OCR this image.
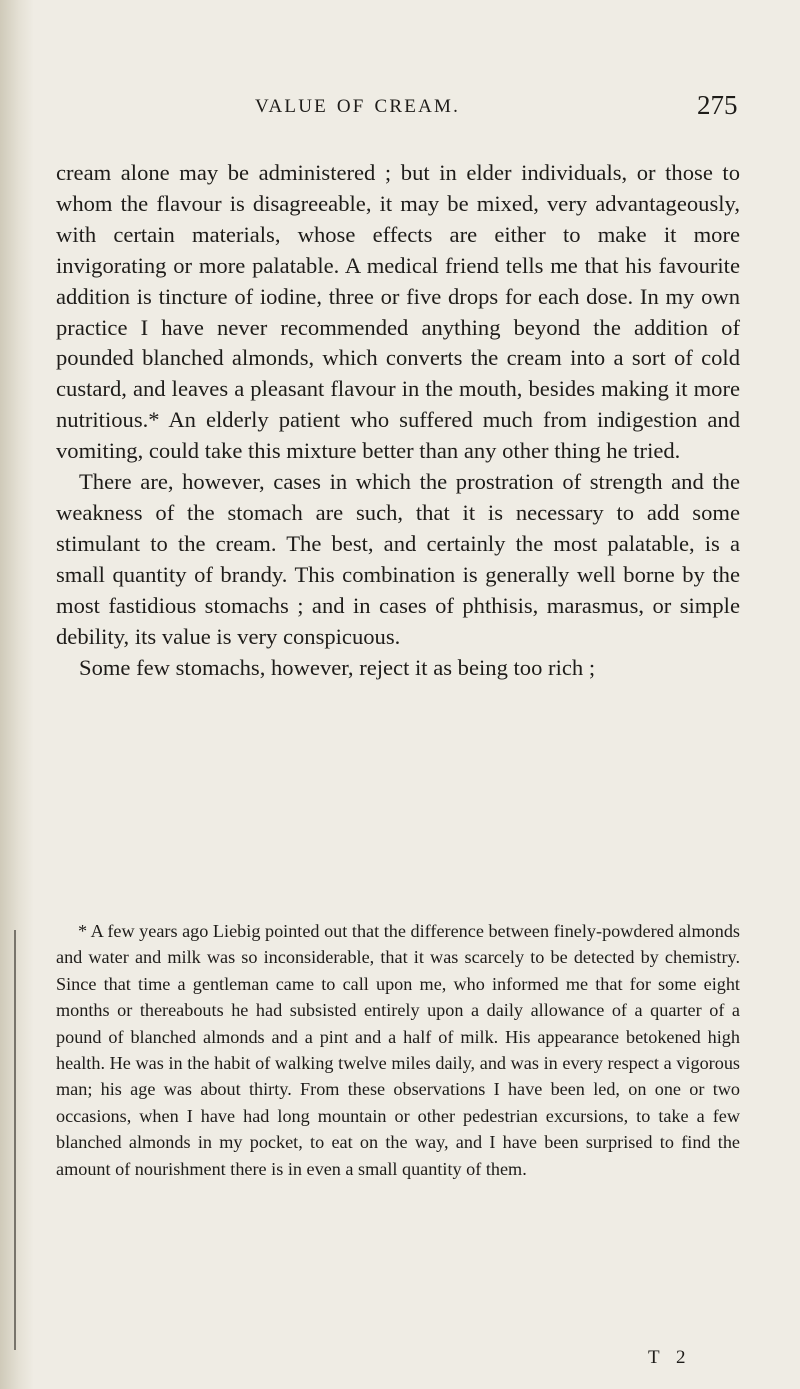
VALUE OF CREAM.	275

cream alone may be administered ; but in elder individuals, or those to whom the flavour is disagreeable, it may be mixed, very advantageously, with certain materials, whose effects are either to make it more invigorating or more palatable. A medical friend tells me that his favourite addition is tincture of iodine, three or five drops for each dose. In my own practice I have never recommended anything beyond the addition of pounded blanched almonds, which converts the cream into a sort of cold custard, and leaves a pleasant flavour in the mouth, besides making it more nutritious.* An elderly patient who suffered much from indigestion and vomiting, could take this mixture better than any other thing he tried.

There are, however, cases in which the prostration of strength and the weakness of the stomach are such, that it is necessary to add some stimulant to the cream. The best, and certainly the most palatable, is a small quantity of brandy. This combination is generally well borne by the most fastidious stomachs ; and in cases of phthisis, marasmus, or simple debility, its value is very conspicuous.

Some few stomachs, however, reject it as being too rich ;

* A few years ago Liebig pointed out that the difference between finely-powdered almonds and water and milk was so inconsiderable, that it was scarcely to be detected by chemistry. Since that time a gentleman came to call upon me, who informed me that for some eight months or thereabouts he had subsisted entirely upon a daily allowance of a quarter of a pound of blanched almonds and a pint and a half of milk. His appearance betokened high health. He was in the habit of walking twelve miles daily, and was in every respect a vigorous man; his age was about thirty. From these observations I have been led, on one or two occasions, when I have had long mountain or other pedestrian excursions, to take a few blanched almonds in my pocket, to eat on the way, and I have been surprised to find the amount of nourishment there is in even a small quantity of them.

T 2
